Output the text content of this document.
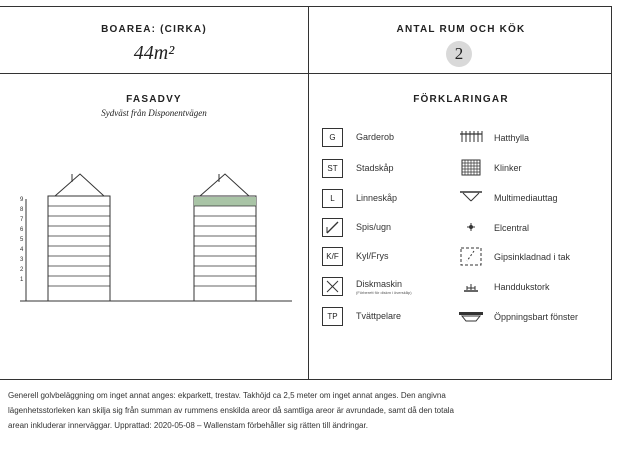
BOAREA: (CIRKA)
44m²
ANTAL RUM OCH KÖK
2
FASADVY
Sydväst från Disponentvägen
9
8
7
6
5
4
3
2
1
FÖRKLARINGAR
G	Garderob
ST	Stadskåp
L	Linneskåp
Spis/ugn
K/F	Kyl/Frys
Diskmaskin
(Förberett för diskm i överskåp)
TP	Tvättpelare
Hatthylla
Klinker
Multimediauttag
Elcentral
Gipsinkladnad i tak
Handdukstork
Öppningsbart fönster
Generell golvbeläggning om inget annat anges: ekparkett, trestav. Takhöjd ca 2,5 meter om inget annat anges. Den angivna
lägenhetsstorleken kan skilja sig från summan av rummens enskilda areor då samtliga areor är avrundade, samt då den totala
arean inkluderar innerväggar. Upprattad: 2020-05-08 – Wallenstam förbehåller sig rätten till ändringar.
